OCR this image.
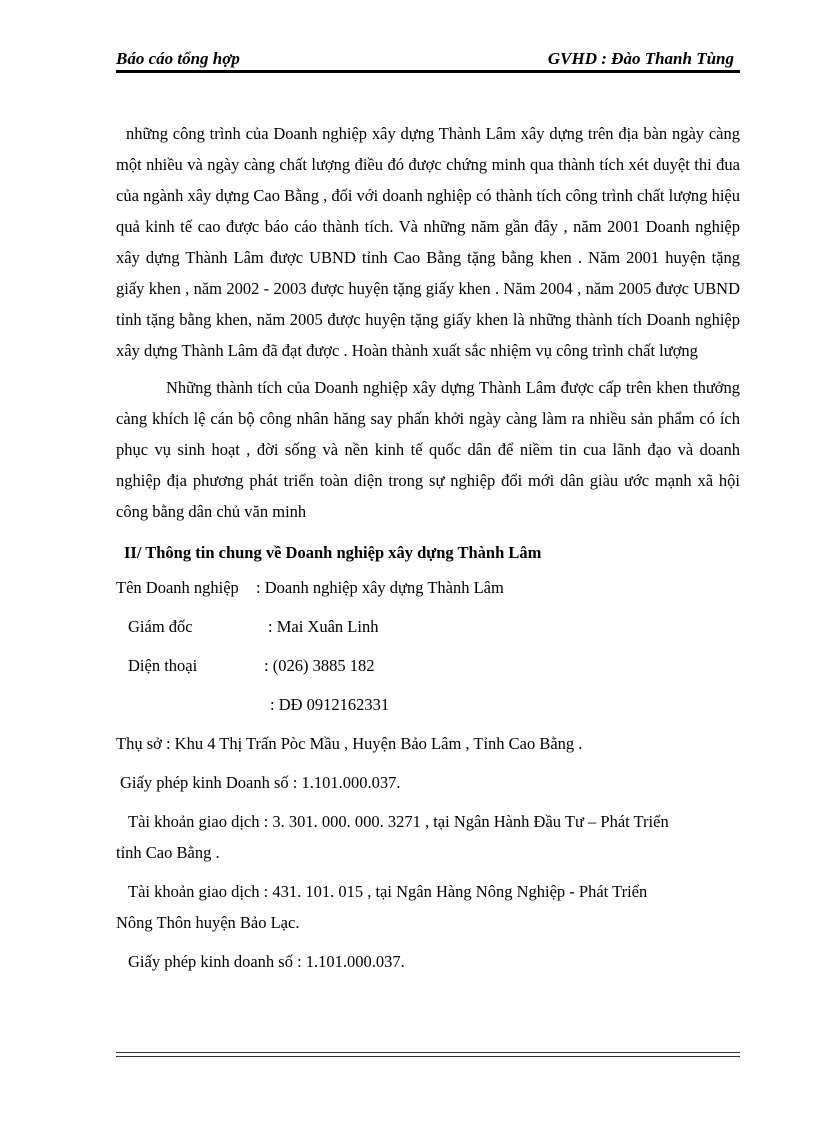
Báo cáo tổng hợp	GVHD : Đào Thanh Tùng

những công trình của Doanh nghiệp xây dựng Thành Lâm xây dựng trên địa bàn ngày càng một nhiều và ngày càng chất lượng điều đó được chứng minh qua thành tích xét duyệt thi đua của ngành xây dựng Cao Bằng , đối với doanh nghiệp có thành tích công trình chất lượng hiệu quả kinh tế cao được báo cáo thành tích. Và những năm gần đây , năm 2001 Doanh nghiệp xây dựng Thành Lâm được UBND tỉnh Cao Bằng tặng bằng khen . Năm 2001 huyện tặng giấy khen , năm 2002 - 2003 được huyện tặng giấy khen . Năm 2004 , năm 2005 được UBND tỉnh tặng bằng khen, năm 2005 được huyện tặng giấy khen là những thành tích Doanh nghiệp xây dựng Thành Lâm đã đạt được . Hoàn thành xuất sắc nhiệm vụ công trình chất lượng

Những thành tích của Doanh nghiệp xây dựng Thành Lâm được cấp trên khen thưởng càng khích lệ cán bộ công nhân hăng say phấn khởi ngày càng làm ra nhiều sản phẩm có ích phục vụ sinh hoạt , đời sống và nền kinh tế quốc dân để niềm tin cua lãnh đạo và doanh nghiệp địa phương phát triển toàn diện trong sự nghiệp đổi mới dân giàu ước mạnh xã hội công bằng dân chủ văn minh

II/ Thông tin chung về Doanh nghiệp xây dựng Thành Lâm
Tên Doanh nghiệp : Doanh nghiệp xây dựng Thành Lâm
Giám đốc	: Mai Xuân Linh
Diện thoại	: (026) 3885 182
: DĐ 0912162331
Thụ sở : Khu 4 Thị Trấn Pòc Mầu , Huyện Bảo Lâm , Tỉnh Cao Bằng .
Giấy phép kinh Doanh số : 1.101.000.037.
Tài khoản giao dịch : 3. 301. 000. 000. 3271 , tại Ngân Hành Đầu Tư – Phát Triển
tỉnh Cao Bằng .
Tài khoản giao dịch : 431. 101. 015 , tại Ngân Hàng Nông Nghiệp - Phát Triển
Nông Thôn huyện Bảo Lạc.
Giấy phép kinh doanh số : 1.101.000.037.
